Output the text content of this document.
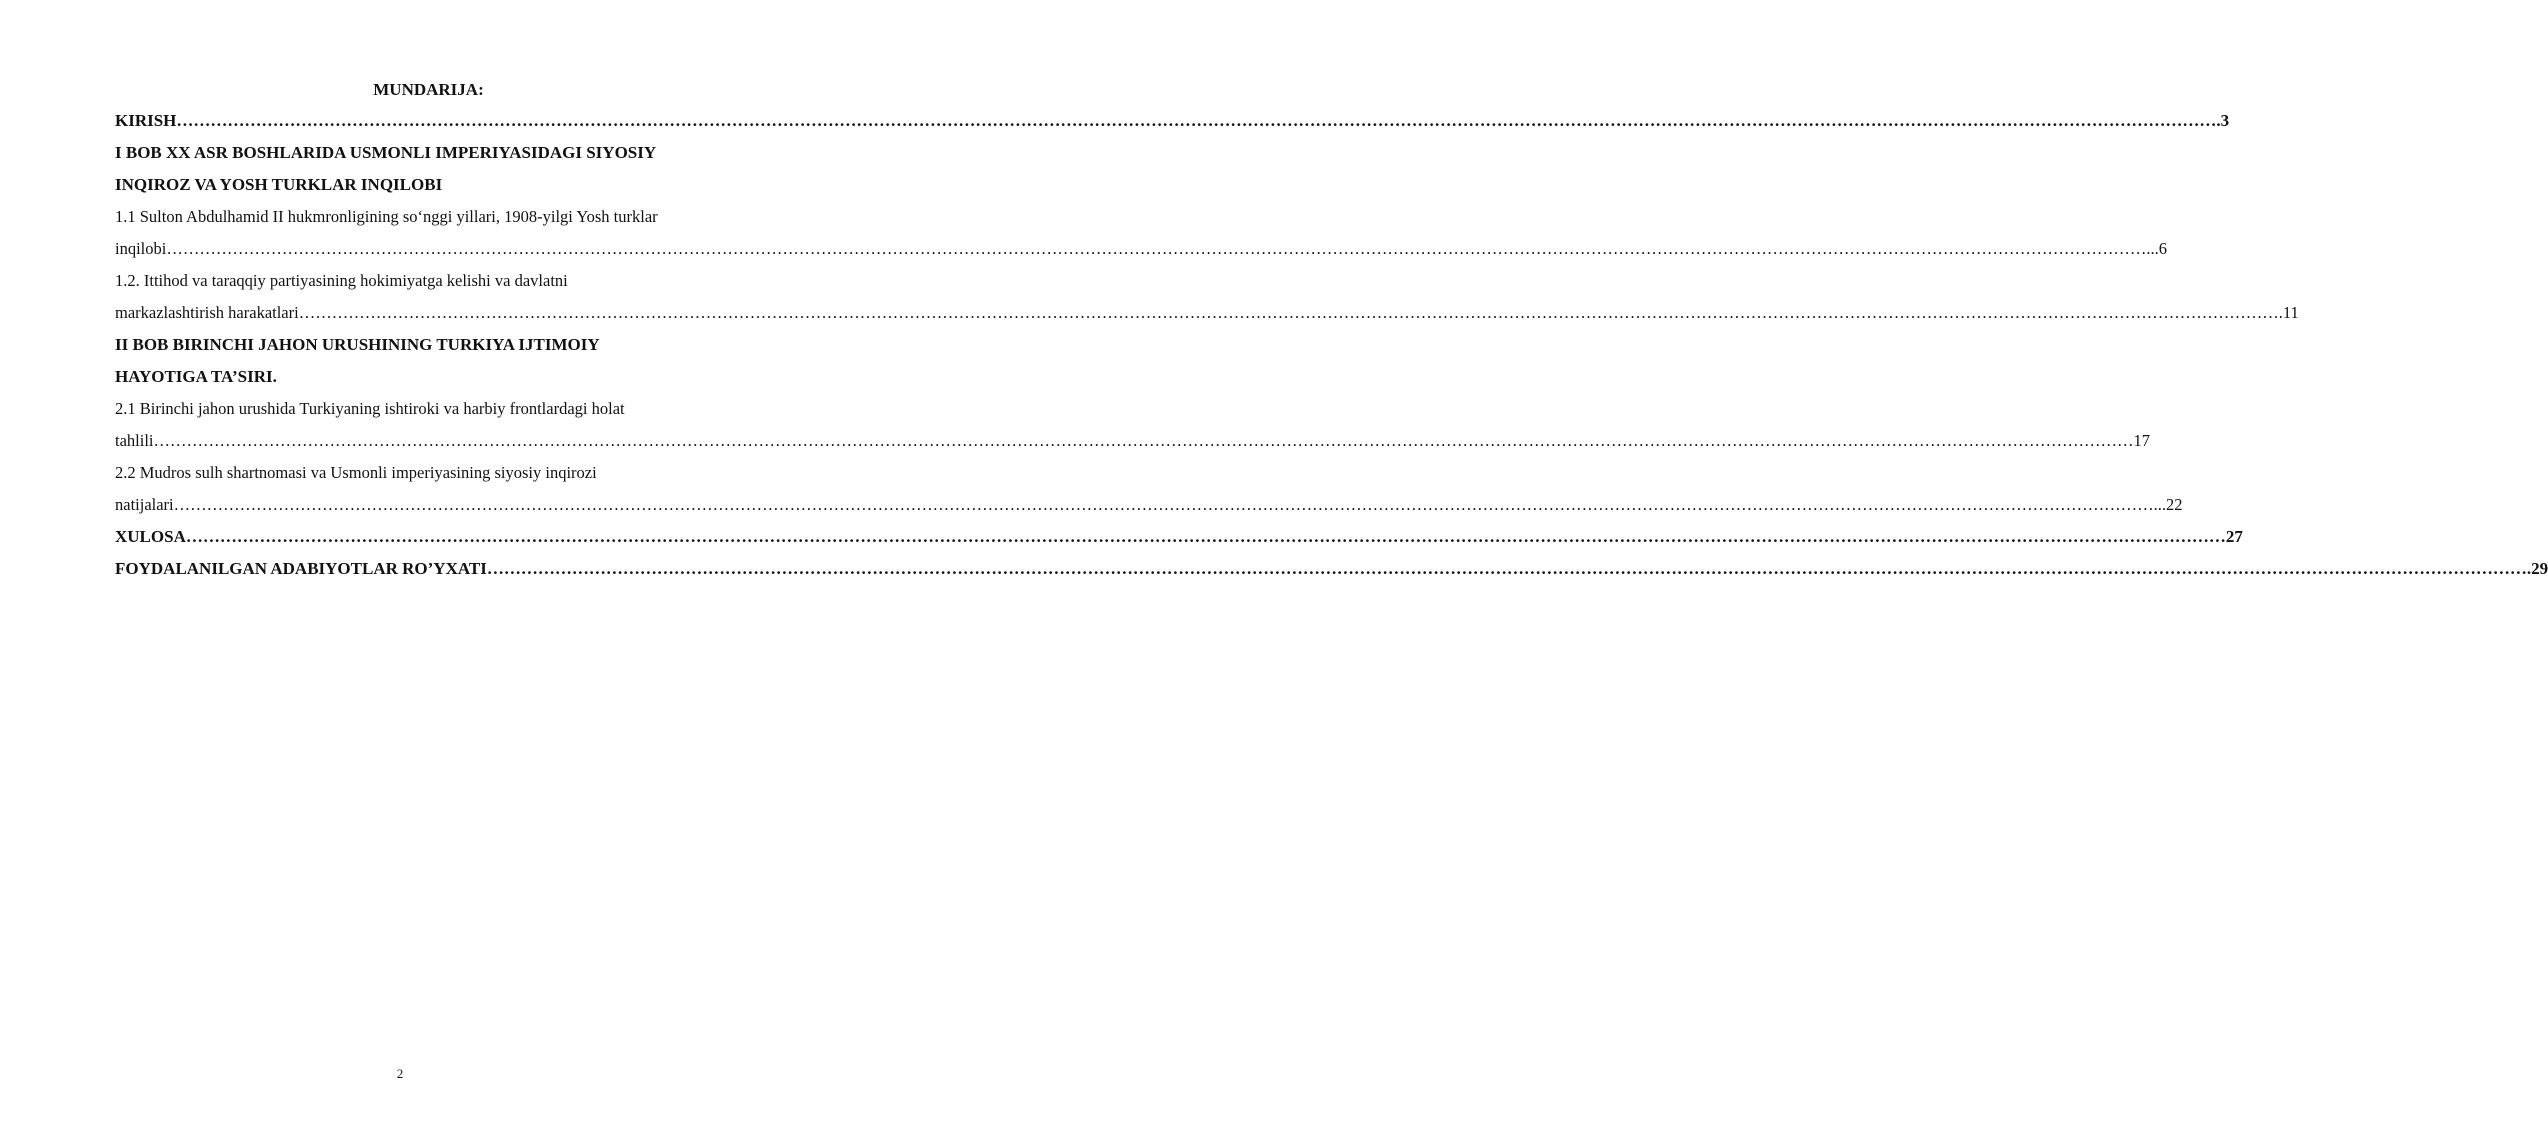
MUNDARIJA:
KIRISH ……………………………………………………………………………………………………………………………………………………………………………………………………………………………………………………………………………………………………………………………… .3
I BOB XX ASR BOSHLARIDA USMONLI IMPERIYASIDAGI SIYOSIY
INQIROZ VA YOSH TURKLAR INQILOBI
1.1 Sulton Abdulhamid II hukmronligining so‘nggi yillari, 1908-yilgi Yosh turklar
inqilobi ……………………………………………………………………………………………………………………………………………………………………………………………………………………………………………………………………………………………………………………………… ...6
1.2. Ittihod va taraqqiy partiyasining hokimiyatga kelishi va davlatni
markazlashtirish harakatlari ……………………………………………………………………………………………………………………………………………………………………………………………………………………………………………………………………………………………………………………………… .11
II BOB BIRINCHI JAHON URUSHINING TURKIYA IJTIMOIY
HAYOTIGA TA’SIRI.
2.1 Birinchi jahon urushida Turkiyaning ishtiroki va harbiy frontlardagi holat
tahlili ……………………………………………………………………………………………………………………………………………………………………………………………………………………………………………………………………………………………………………………………… 17
2.2 Mudros sulh shartnomasi va Usmonli imperiyasining siyosiy inqirozi
natijalari ……………………………………………………………………………………………………………………………………………………………………………………………………………………………………………………………………………………………………………………………… ...22
XULOSA ……………………………………………………………………………………………………………………………………………………………………………………………………………………………………………………………………………………………………………………………… 27
FOYDALANILGAN ADABIYOTLAR RO’YXATI ……………………………………………………………………………………………………………………………………………………………………………………………………………………………………………………………………………………………………………………………… .29
2
